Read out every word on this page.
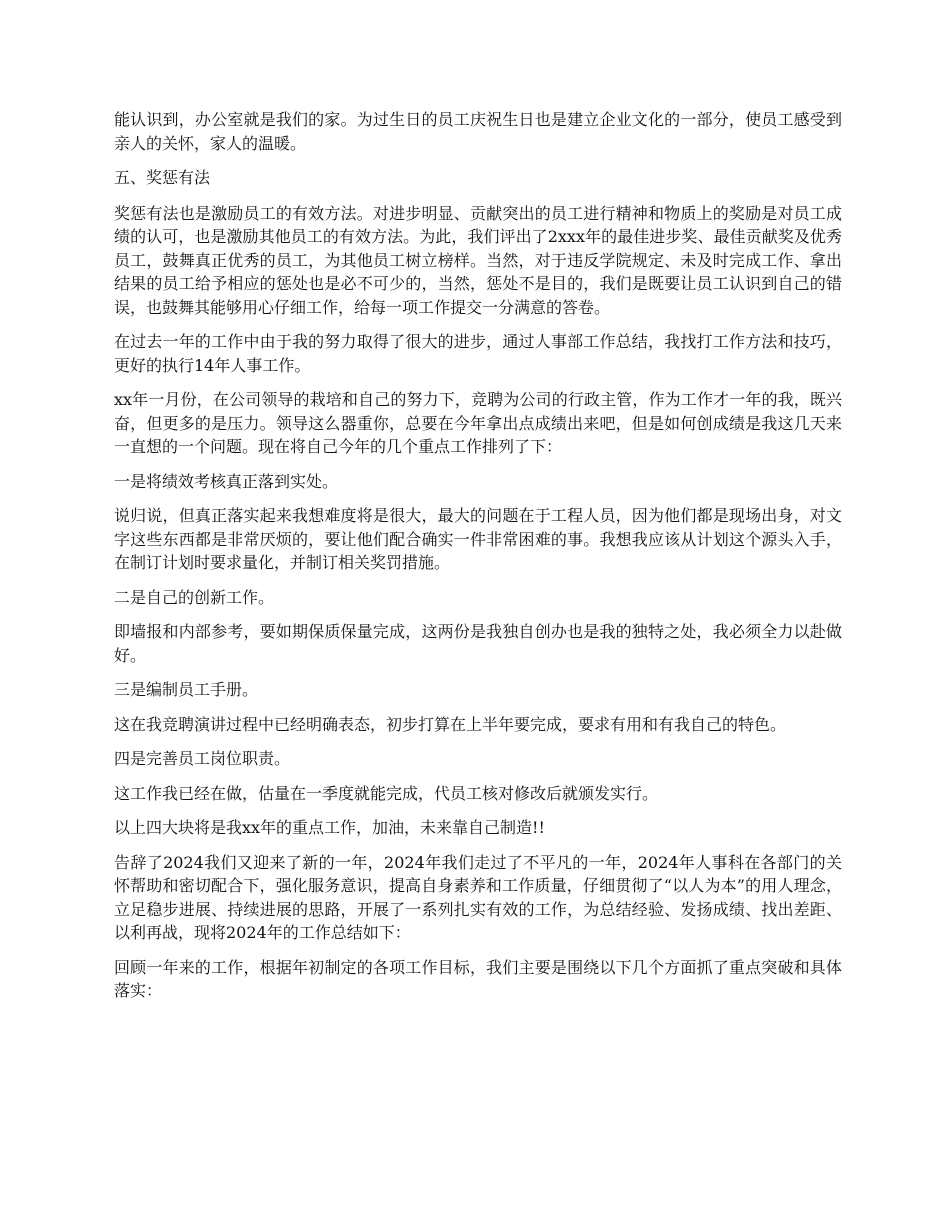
能认识到，办公室就是我们的家。为过生日的员工庆祝生日也是建立企业文化的一部分，使员工感受到亲人的关怀，家人的温暖。

五、奖惩有法

奖惩有法也是激励员工的有效方法。对进步明显、贡献突出的员工进行精神和物质上的奖励是对员工成绩的认可，也是激励其他员工的有效方法。为此，我们评出了2xxx年的最佳进步奖、最佳贡献奖及优秀员工，鼓舞真正优秀的员工，为其他员工树立榜样。当然，对于违反学院规定、未及时完成工作、拿出结果的员工给予相应的惩处也是必不可少的，当然，惩处不是目的，我们是既要让员工认识到自己的错误，也鼓舞其能够用心仔细工作，给每一项工作提交一分满意的答卷。

在过去一年的工作中由于我的努力取得了很大的进步，通过人事部工作总结，我找打工作方法和技巧，更好的执行14年人事工作。

xx年一月份，在公司领导的栽培和自己的努力下，竞聘为公司的行政主管，作为工作才一年的我，既兴奋，但更多的是压力。领导这么器重你，总要在今年拿出点成绩出来吧，但是如何创成绩是我这几天来一直想的一个问题。现在将自己今年的几个重点工作排列了下：

一是将绩效考核真正落到实处。

说归说，但真正落实起来我想难度将是很大，最大的问题在于工程人员，因为他们都是现场出身，对文字这些东西都是非常厌烦的，要让他们配合确实一件非常困难的事。我想我应该从计划这个源头入手，在制订计划时要求量化，并制订相关奖罚措施。

二是自己的创新工作。

即墙报和内部参考，要如期保质保量完成，这两份是我独自创办也是我的独特之处，我必须全力以赴做好。

三是编制员工手册。

这在我竞聘演讲过程中已经明确表态，初步打算在上半年要完成，要求有用和有我自己的特色。

四是完善员工岗位职责。

这工作我已经在做，估量在一季度就能完成，代员工核对修改后就颁发实行。

以上四大块将是我xx年的重点工作，加油，未来靠自己制造!!

告辞了2024我们又迎来了新的一年，2024年我们走过了不平凡的一年，2024年人事科在各部门的关怀帮助和密切配合下，强化服务意识，提高自身素养和工作质量，仔细贯彻了“以人为本”的用人理念，立足稳步进展、持续进展的思路，开展了一系列扎实有效的工作，为总结经验、发扬成绩、找出差距、以利再战，现将2024年的工作总结如下：

回顾一年来的工作，根据年初制定的各项工作目标，我们主要是围绕以下几个方面抓了重点突破和具体落实：
